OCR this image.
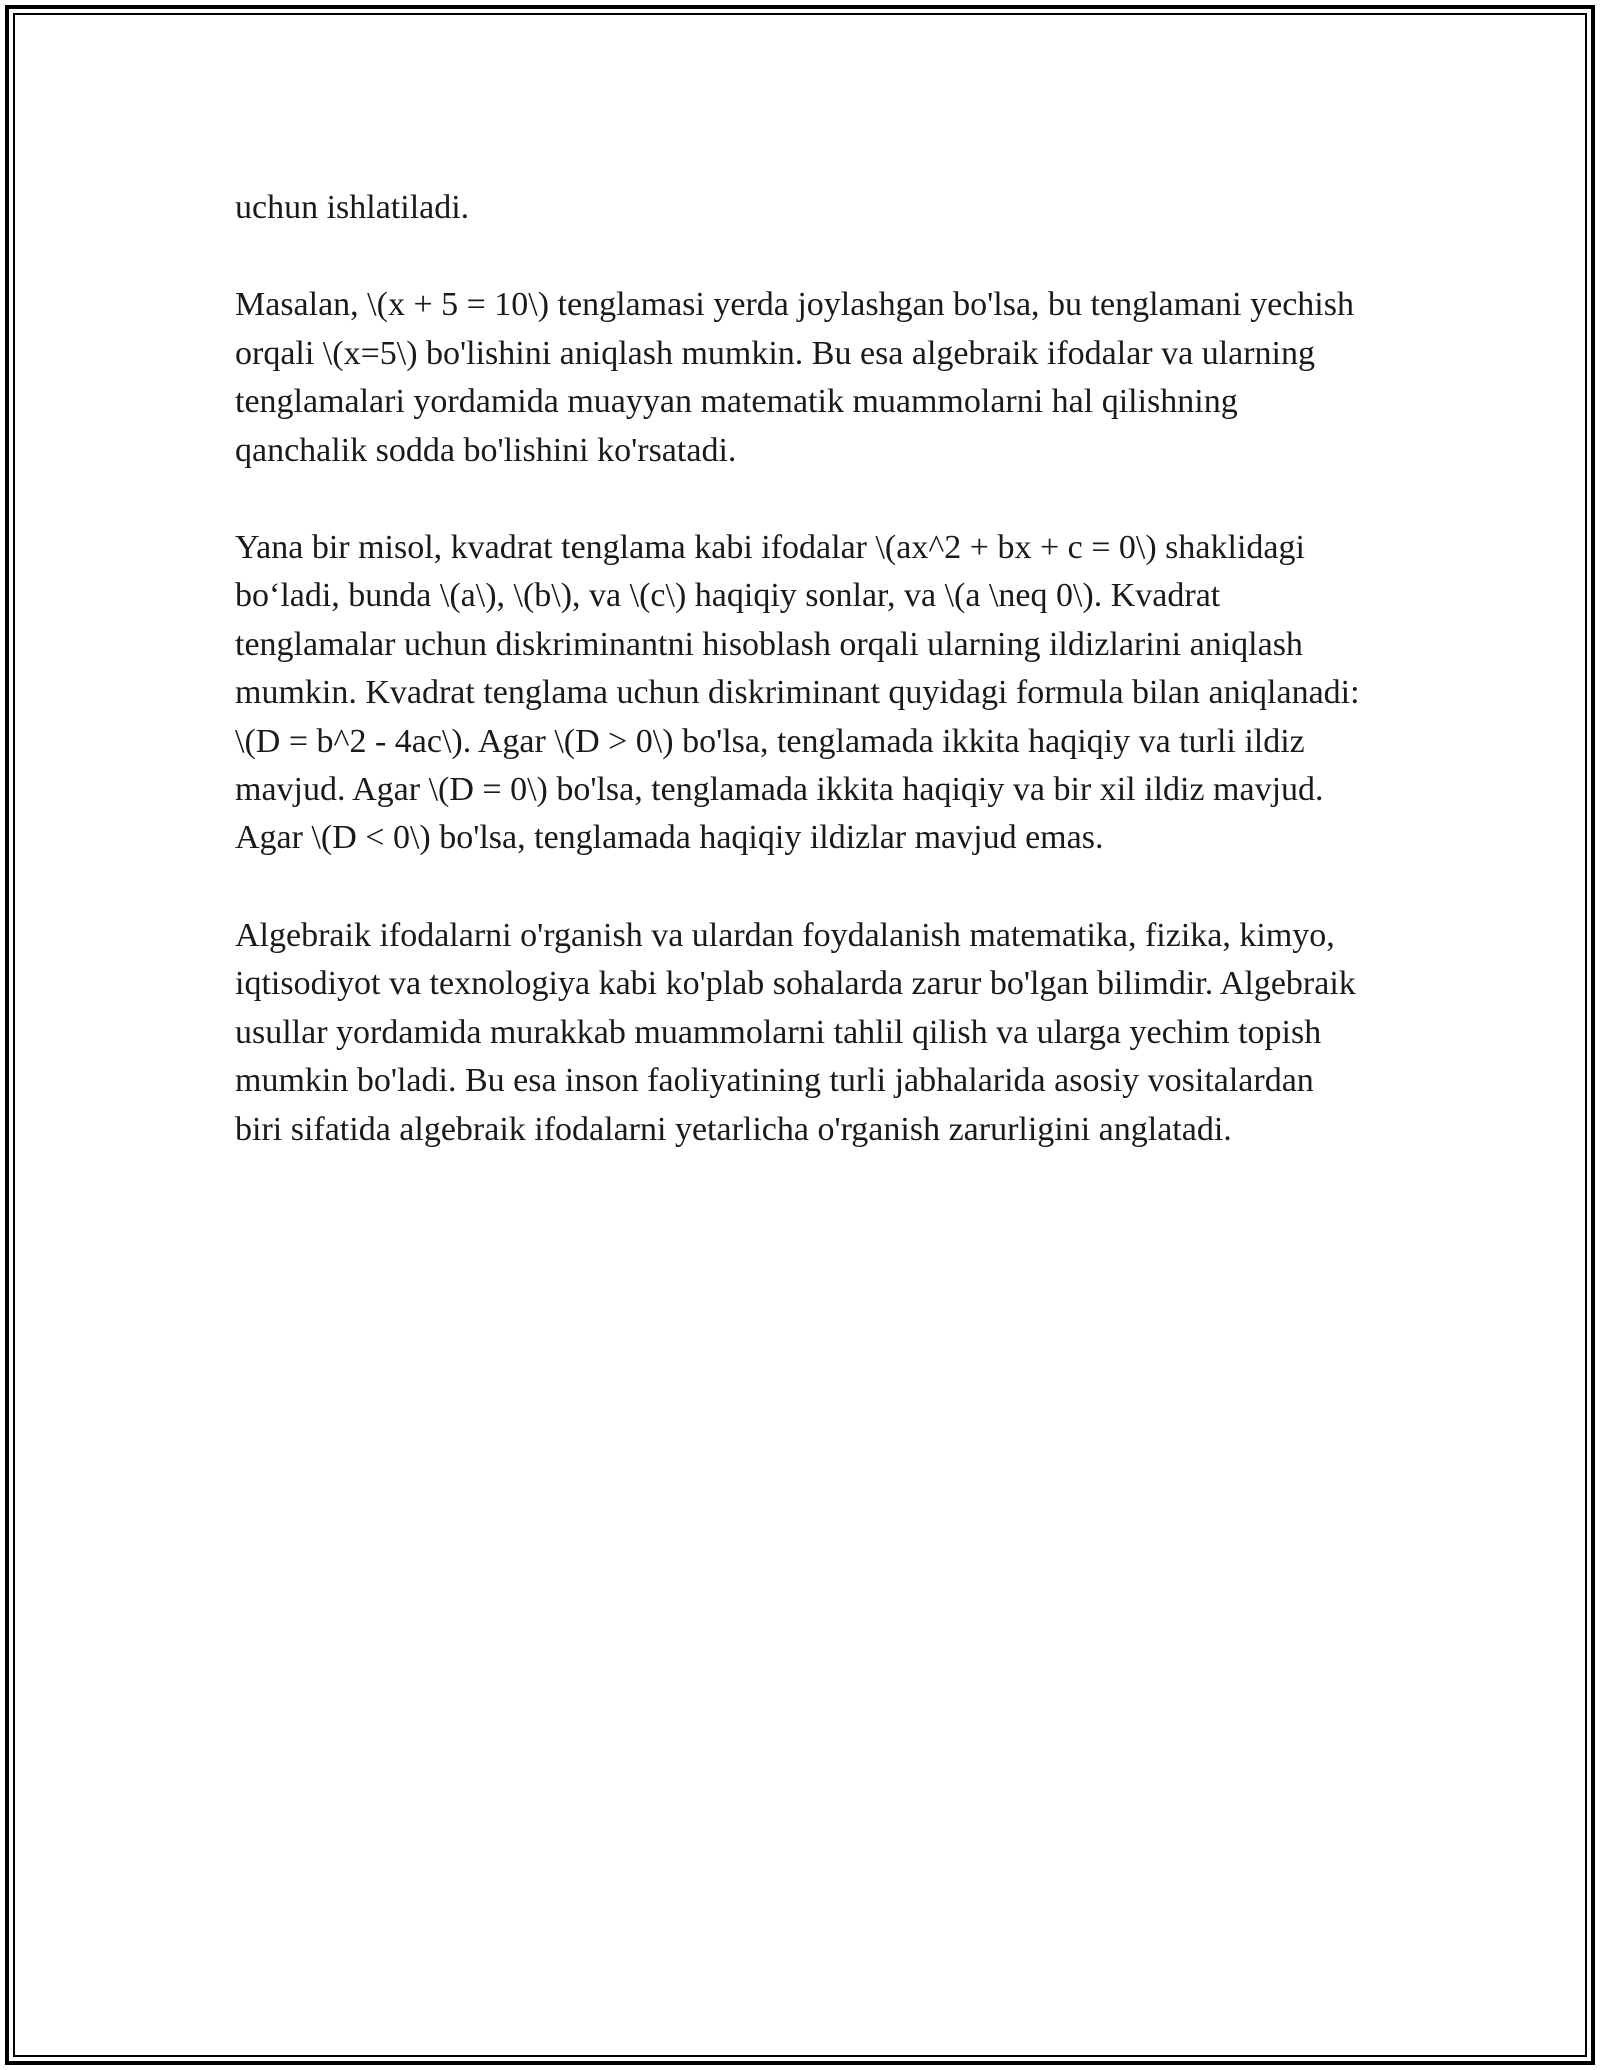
uchun ishlatiladi.

Masalan, \(x + 5 = 10\) tenglamasi yerda joylashgan bo'lsa, bu tenglamani yechish orqali \(x=5\) bo'lishini aniqlash mumkin. Bu esa algebraik ifodalar va ularning tenglamalari yordamida muayyan matematik muammolarni hal qilishning qanchalik sodda bo'lishini ko'rsatadi.

Yana bir misol, kvadrat tenglama kabi ifodalar \(ax^2 + bx + c = 0\) shaklidagi bo‘ladi, bunda \(a\), \(b\), va \(c\) haqiqiy sonlar, va \(a \neq 0\). Kvadrat tenglamalar uchun diskriminantni hisoblash orqali ularning ildizlarini aniqlash mumkin. Kvadrat tenglama uchun diskriminant quyidagi formula bilan aniqlanadi: \(D = b^2 - 4ac\). Agar \(D > 0\) bo'lsa, tenglamada ikkita haqiqiy va turli ildiz mavjud. Agar \(D = 0\) bo'lsa, tenglamada ikkita haqiqiy va bir xil ildiz mavjud. Agar \(D < 0\) bo'lsa, tenglamada haqiqiy ildizlar mavjud emas.

Algebraik ifodalarni o'rganish va ulardan foydalanish matematika, fizika, kimyo, iqtisodiyot va texnologiya kabi ko'plab sohalarda zarur bo'lgan bilimdir. Algebraik usullar yordamida murakkab muammolarni tahlil qilish va ularga yechim topish mumkin bo'ladi. Bu esa inson faoliyatining turli jabhalarida asosiy vositalardan biri sifatida algebraik ifodalarni yetarlicha o'rganish zarurligini anglatadi.
